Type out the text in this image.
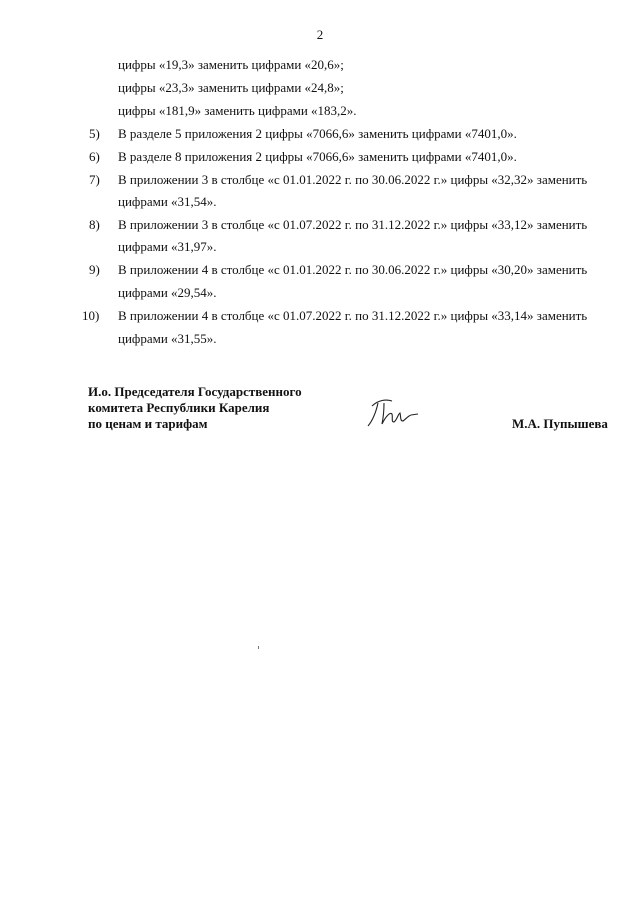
2
цифры «19,3» заменить цифрами «20,6»;
цифры «23,3» заменить цифрами «24,8»;
цифры «181,9» заменить цифрами «183,2».
5) В разделе 5 приложения 2 цифры «7066,6» заменить цифрами «7401,0».
6) В разделе 8 приложения 2 цифры «7066,6» заменить цифрами «7401,0».
7) В приложении 3 в столбце «с 01.01.2022 г. по 30.06.2022 г.» цифры «32,32» заменить
цифрами «31,54».
8) В приложении 3 в столбце «с 01.07.2022 г. по 31.12.2022 г.» цифры «33,12» заменить
цифрами «31,97».
9) В приложении 4 в столбце «с 01.01.2022 г. по 30.06.2022 г.» цифры «30,20» заменить
цифрами «29,54».
10) В приложении 4 в столбце «с 01.07.2022 г. по 31.12.2022 г.» цифры «33,14» заменить
цифрами «31,55».
И.о. Председателя Государственного
комитета Республики Карелия
по ценам и тарифам	М.А. Пупышева
